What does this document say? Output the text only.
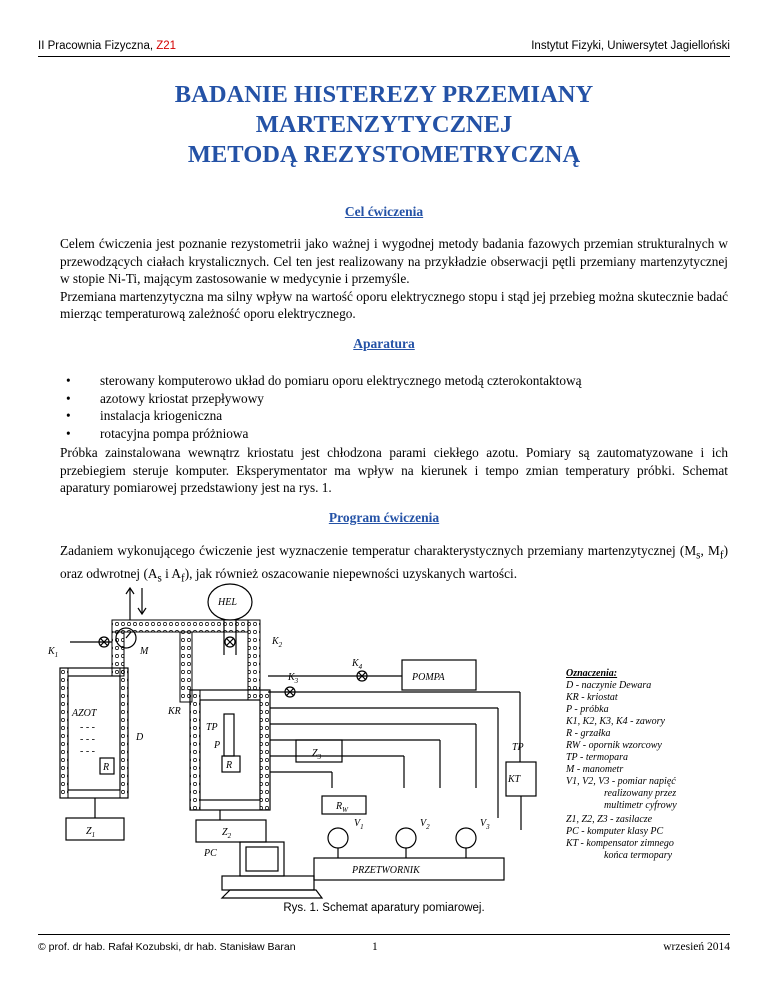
II Pracownia Fizyczna, Z21	Instytut Fizyki, Uniwersytet Jagielloński
BADANIE HISTEREZY PRZEMIANY
MARTENZYTYCZNEJ
METODĄ REZYSTOMETRYCZNĄ
Cel ćwiczenia

Celem ćwiczenia jest poznanie rezystometrii jako ważnej i wygodnej metody badania fazowych przemian strukturalnych w przewodzących ciałach krystalicznych. Cel ten jest realizowany na przykładzie obserwacji pętli przemiany martenzytycznej w stopie Ni-Ti, mającym zastosowanie w medycynie i przemyśle.

Przemiana martenzytyczna ma silny wpływ na wartość oporu elektrycznego stopu i stąd jej przebieg można skutecznie badać mierząc temperaturową zależność oporu elektrycznego.

Aparatura
• sterowany komputerowo układ do pomiaru oporu elektrycznego metodą czterokontaktową
• azotowy kriostat przepływowy
• instalacja kriogeniczna
• rotacyjna pompa próżniowa
Próbka zainstalowana wewnątrz kriostatu jest chłodzona parami ciekłego azotu. Pomiary są zautomatyzowane i ich przebiegiem steruje komputer. Eksperymentator ma wpływ na kierunek i tempo zmian temperatury próbki. Schemat aparatury pomiarowej przedstawiony jest na rys. 1.
Program ćwiczenia
Zadaniem wykonującego ćwiczenie jest wyznaczenie temperatur charakterystycznych przemiany martenzytycznej ($M_s$, $M_f$) oraz odwrotnej ($A_s$ i $A_f$), jak również oszacowanie niepewności uzyskanych wartości.
- - -
- - -
- - -
HEL
$K_1$	M
$K_2$
$K_3$
$K_4$
POMPA
AZOT
D
KR
TP
P
R	R
TP
$Z_3$
$R_W$
KT
$Z_1$	$Z_2$
$V_1$	$V_2$	$V_3$
PC
PRZETWORNIK
Oznaczenia:
D - naczynie Dewara
KR - kriostat
P - próbka
K1, K2, K3, K4 - zawory
R - grzałka
RW - opornik wzorcowy
TP - termopara
M - manometr
V1, V2, V3 - pomiar napięć
realizowany przez
multimetr cyfrowy
Z1, Z2, Z3 - zasilacze
PC - komputer klasy PC
KT - kompensator zimnego
końca termopary
Rys. 1. Schemat aparatury pomiarowej.
© prof. dr hab. Rafał Kozubski, dr hab. Stanisław Baran	1	wrzesień 2014
